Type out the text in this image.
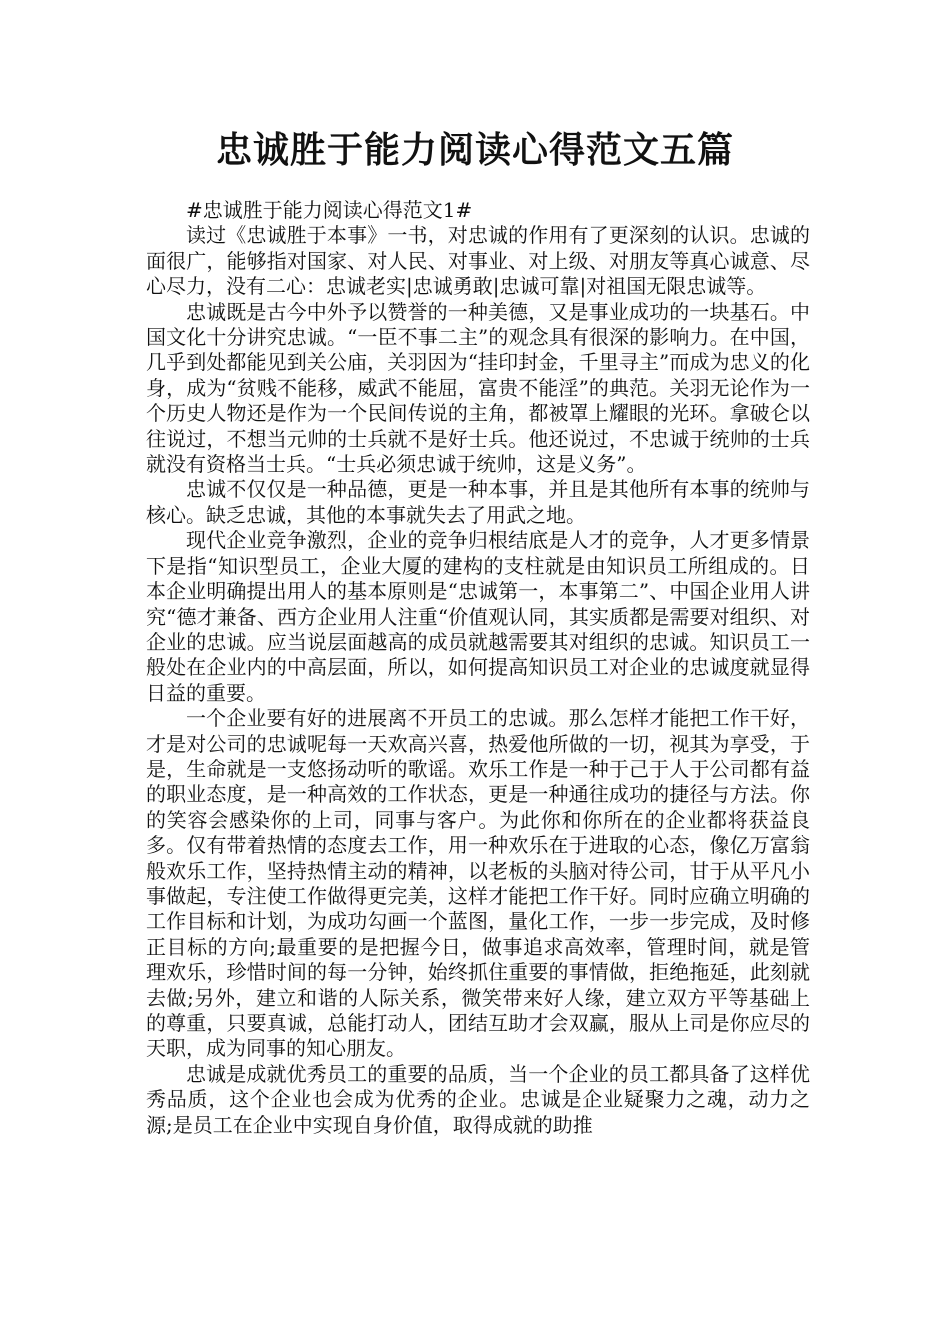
忠诚胜于能力阅读心得范文五篇

#忠诚胜于能力阅读心得范文1#

读过《忠诚胜于本事》一书，对忠诚的作用有了更深刻的认识。忠诚的面很广，能够指对国家、对人民、对事业、对上级、对朋友等真心诚意、尽心尽力，没有二心：忠诚老实|忠诚勇敢|忠诚可靠|对祖国无限忠诚等。

忠诚既是古今中外予以赞誉的一种美德，又是事业成功的一块基石。中国文化十分讲究忠诚。“一臣不事二主”的观念具有很深的影响力。在中国，几乎到处都能见到关公庙，关羽因为“挂印封金，千里寻主”而成为忠义的化身，成为“贫贱不能移，威武不能屈，富贵不能淫”的典范。关羽无论作为一个历史人物还是作为一个民间传说的主角，都被罩上耀眼的光环。拿破仑以往说过，不想当元帅的士兵就不是好士兵。他还说过，不忠诚于统帅的士兵就没有资格当士兵。“士兵必须忠诚于统帅，这是义务”。

忠诚不仅仅是一种品德，更是一种本事，并且是其他所有本事的统帅与核心。缺乏忠诚，其他的本事就失去了用武之地。

现代企业竞争激烈，企业的竞争归根结底是人才的竞争，人才更多情景下是指“知识型员工，企业大厦的建构的支柱就是由知识员工所组成的。日本企业明确提出用人的基本原则是“忠诚第一，本事第二”、中国企业用人讲究“德才兼备、西方企业用人注重“价值观认同，其实质都是需要对组织、对企业的忠诚。应当说层面越高的成员就越需要其对组织的忠诚。知识员工一般处在企业内的中高层面，所以，如何提高知识员工对企业的忠诚度就显得日益的重要。

一个企业要有好的进展离不开员工的忠诚。那么怎样才能把工作干好，才是对公司的忠诚呢每一天欢高兴喜，热爱他所做的一切，视其为享受，于是，生命就是一支悠扬动听的歌谣。欢乐工作是一种于己于人于公司都有益的职业态度，是一种高效的工作状态，更是一种通往成功的捷径与方法。你的笑容会感染你的上司，同事与客户。为此你和你所在的企业都将获益良多。仅有带着热情的态度去工作，用一种欢乐在于进取的心态，像亿万富翁般欢乐工作，坚持热情主动的精神，以老板的头脑对待公司，甘于从平凡小事做起，专注使工作做得更完美，这样才能把工作干好。同时应确立明确的工作目标和计划，为成功勾画一个蓝图，量化工作，一步一步完成，及时修正目标的方向;最重要的是把握今日，做事追求高效率，管理时间，就是管理欢乐，珍惜时间的每一分钟，始终抓住重要的事情做，拒绝拖延，此刻就去做;另外，建立和谐的人际关系，微笑带来好人缘，建立双方平等基础上的尊重，只要真诚，总能打动人，团结互助才会双赢，服从上司是你应尽的天职，成为同事的知心朋友。

忠诚是成就优秀员工的重要的品质，当一个企业的员工都具备了这样优秀品质，这个企业也会成为优秀的企业。忠诚是企业疑聚力之魂，动力之源;是员工在企业中实现自身价值，取得成就的助推
